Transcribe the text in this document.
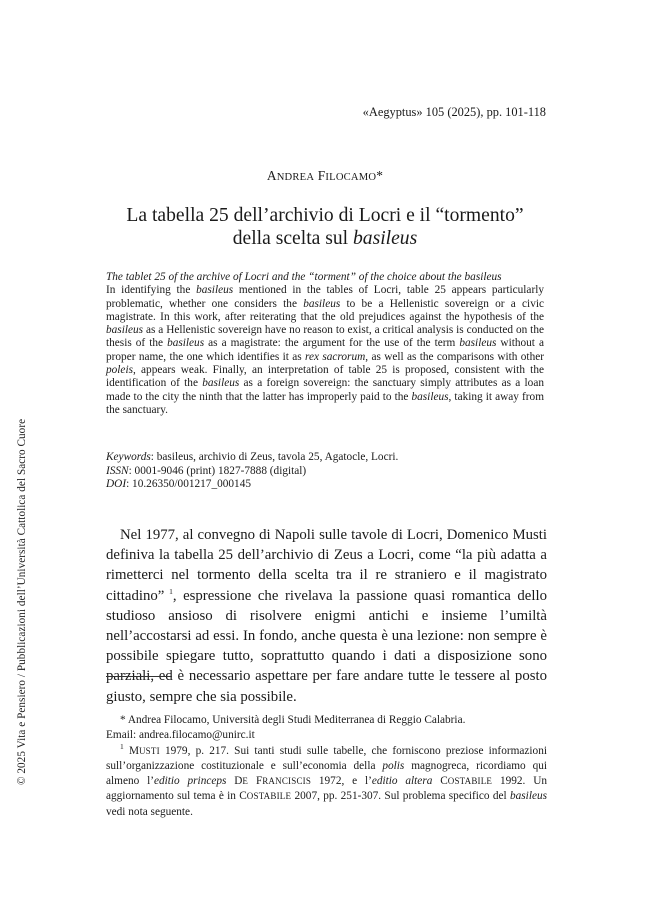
© 2025 Vita e Pensiero / Pubblicazioni dell’Università Cattolica del Sacro Cuore
«Aegyptus» 105 (2025), pp. 101-118
ANDREA FILOCAMO*
La tabella 25 dell’archivio di Locri e il “tormento”
della scelta sul basileus
The tablet 25 of the archive of Locri and the “torment” of the choice about the basileus
In identifying the basileus mentioned in the tables of Locri, table 25 appears particularly problematic, whether one considers the basileus to be a Hellenistic sovereign or a civic magistrate. In this work, after reiterating that the old prejudices against the hypothesis of the basileus as a Hellenistic sovereign have no reason to exist, a critical analysis is conducted on the thesis of the basileus as a magistrate: the argument for the use of the term basileus without a proper name, the one which identifies it as rex sacrorum, as well as the comparisons with other poleis, appears weak. Finally, an interpretation of table 25 is proposed, consistent with the identification of the basileus as a foreign sovereign: the sanctuary simply attributes as a loan made to the city the ninth that the latter has improperly paid to the basileus, taking it away from the sanctuary.
Keywords: basileus, archivio di Zeus, tavola 25, Agatocle, Locri.
ISSN: 0001-9046 (print) 1827-7888 (digital)
DOI: 10.26350/001217_000145
Nel 1977, al convegno di Napoli sulle tavole di Locri, Domenico Musti definiva la tabella 25 dell’archivio di Zeus a Locri, come “la più adatta a rimetterci nel tormento della scelta tra il re straniero e il magistrato cittadino” $^1$, espressione che rivelava la passione quasi romantica dello studioso ansioso di risolvere enigmi antichi e insieme l’umiltà nell’accostarsi ad essi. In fondo, anche questa è una lezione: non sempre è possibile spiegare tutto, soprattutto quando i dati a disposizione sono parziali, ed è necessario aspettare per fare andare tutte le tessere al posto giusto, sempre che sia possibile.
* Andrea Filocamo, Università degli Studi Mediterranea di Reggio Calabria.
Email: andrea.filocamo@unirc.it
$^1$ MUSTI 1979, p. 217. Sui tanti studi sulle tabelle, che forniscono preziose informazioni sull’organizzazione costituzionale e sull’economia della polis magnogreca, ricordiamo qui almeno l’editio princeps DE FRANCISCIS 1972, e l’editio altera COSTABILE 1992. Un aggiornamento sul tema è in COSTABILE 2007, pp. 251-307. Sul problema specifico del basileus vedi nota seguente.
